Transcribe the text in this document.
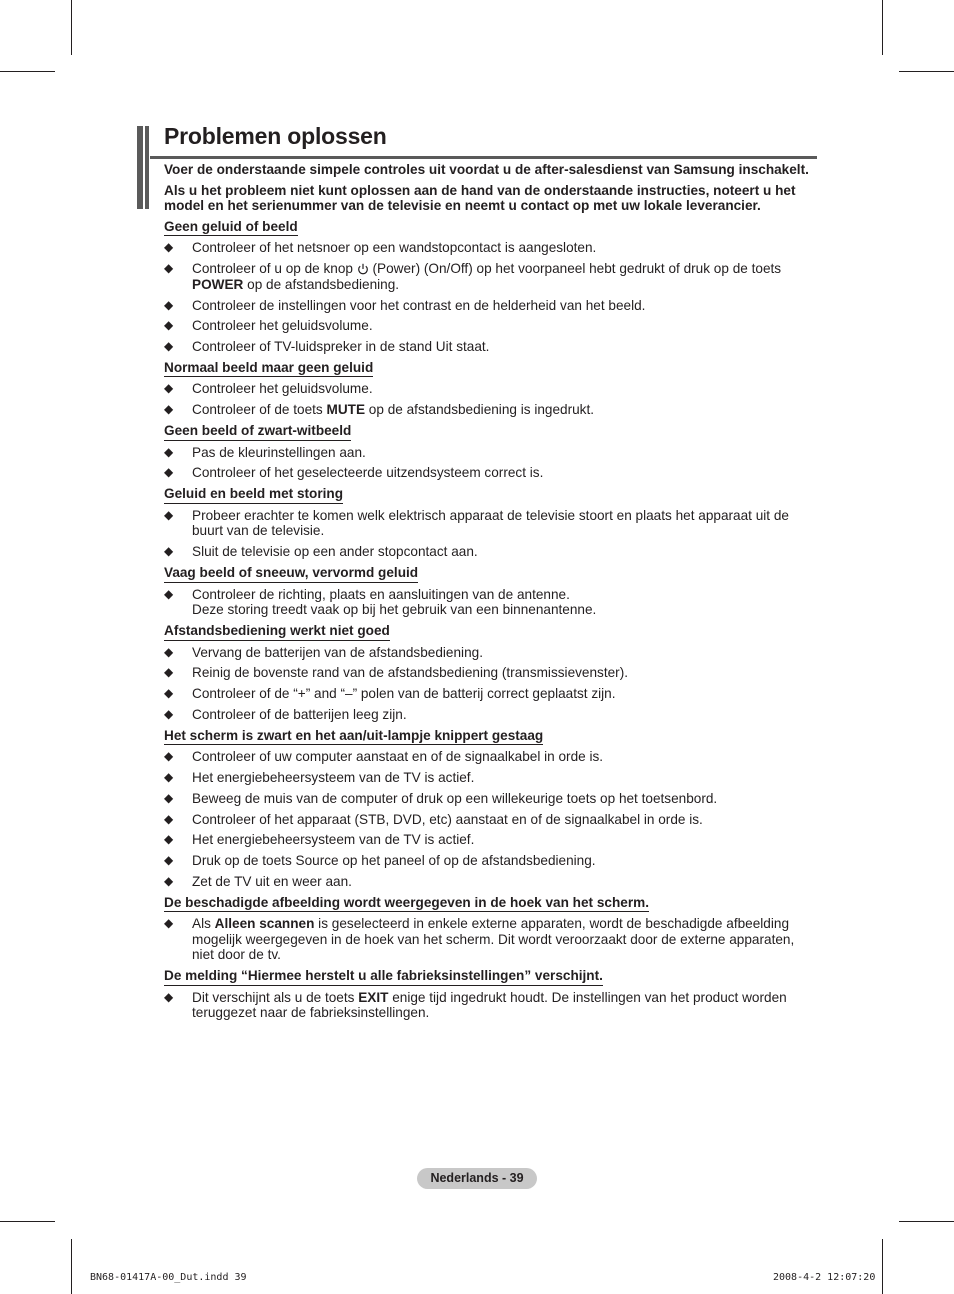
Problemen oplossen

Voer de onderstaande simpele controles uit voordat u de after-salesdienst van Samsung inschakelt.

Als u het probleem niet kunt oplossen aan de hand van de onderstaande instructies, noteert u het model en het serienummer van de televisie en neemt u contact op met uw lokale leverancier.

Geen geluid of beeld
◆ Controleer of het netsnoer op een wandstopcontact is aangesloten.
◆ Controleer of u op de knop  (Power) (On/Off) op het voorpaneel hebt gedrukt of druk op de toets POWER op de afstandsbediening.
◆ Controleer de instellingen voor het contrast en de helderheid van het beeld.
◆ Controleer het geluidsvolume.
◆ Controleer of TV-luidspreker in de stand Uit staat.
Normaal beeld maar geen geluid
◆ Controleer het geluidsvolume.
◆ Controleer of de toets MUTE op de afstandsbediening is ingedrukt.
Geen beeld of zwart-witbeeld
◆ Pas de kleurinstellingen aan.
◆ Controleer of het geselecteerde uitzendsysteem correct is.
Geluid en beeld met storing
◆ Probeer erachter te komen welk elektrisch apparaat de televisie stoort en plaats het apparaat uit de buurt van de televisie.
◆ Sluit de televisie op een ander stopcontact aan.
Vaag beeld of sneeuw, vervormd geluid
◆ Controleer de richting, plaats en aansluitingen van de antenne.
Deze storing treedt vaak op bij het gebruik van een binnenantenne.
Afstandsbediening werkt niet goed
◆ Vervang de batterijen van de afstandsbediening.
◆ Reinig de bovenste rand van de afstandsbediening (transmissievenster).
◆ Controleer of de “+” and “–” polen van de batterij correct geplaatst zijn.
◆ Controleer of de batterijen leeg zijn.
Het scherm is zwart en het aan/uit-lampje knippert gestaag
◆ Controleer of uw computer aanstaat en of de signaalkabel in orde is.
◆ Het energiebeheersysteem van de TV is actief.
◆ Beweeg de muis van de computer of druk op een willekeurige toets op het toetsenbord.
◆ Controleer of het apparaat (STB, DVD, etc) aanstaat en of de signaalkabel in orde is.
◆ Het energiebeheersysteem van de TV is actief.
◆ Druk op de toets Source op het paneel of op de afstandsbediening.
◆ Zet de TV uit en weer aan.
De beschadigde afbeelding wordt weergegeven in de hoek van het scherm.
◆ Als Alleen scannen is geselecteerd in enkele externe apparaten, wordt de beschadigde afbeelding mogelijk weergegeven in de hoek van het scherm. Dit wordt veroorzaakt door de externe apparaten, niet door de tv.
De melding “Hiermee herstelt u alle fabrieksinstellingen” verschijnt.
◆ Dit verschijnt als u de toets EXIT enige tijd ingedrukt houdt. De instellingen van het product worden teruggezet naar de fabrieksinstellingen.
Nederlands - 39
BN68-01417A-00_Dut.indd 39	2008-4-2 12:07:20
